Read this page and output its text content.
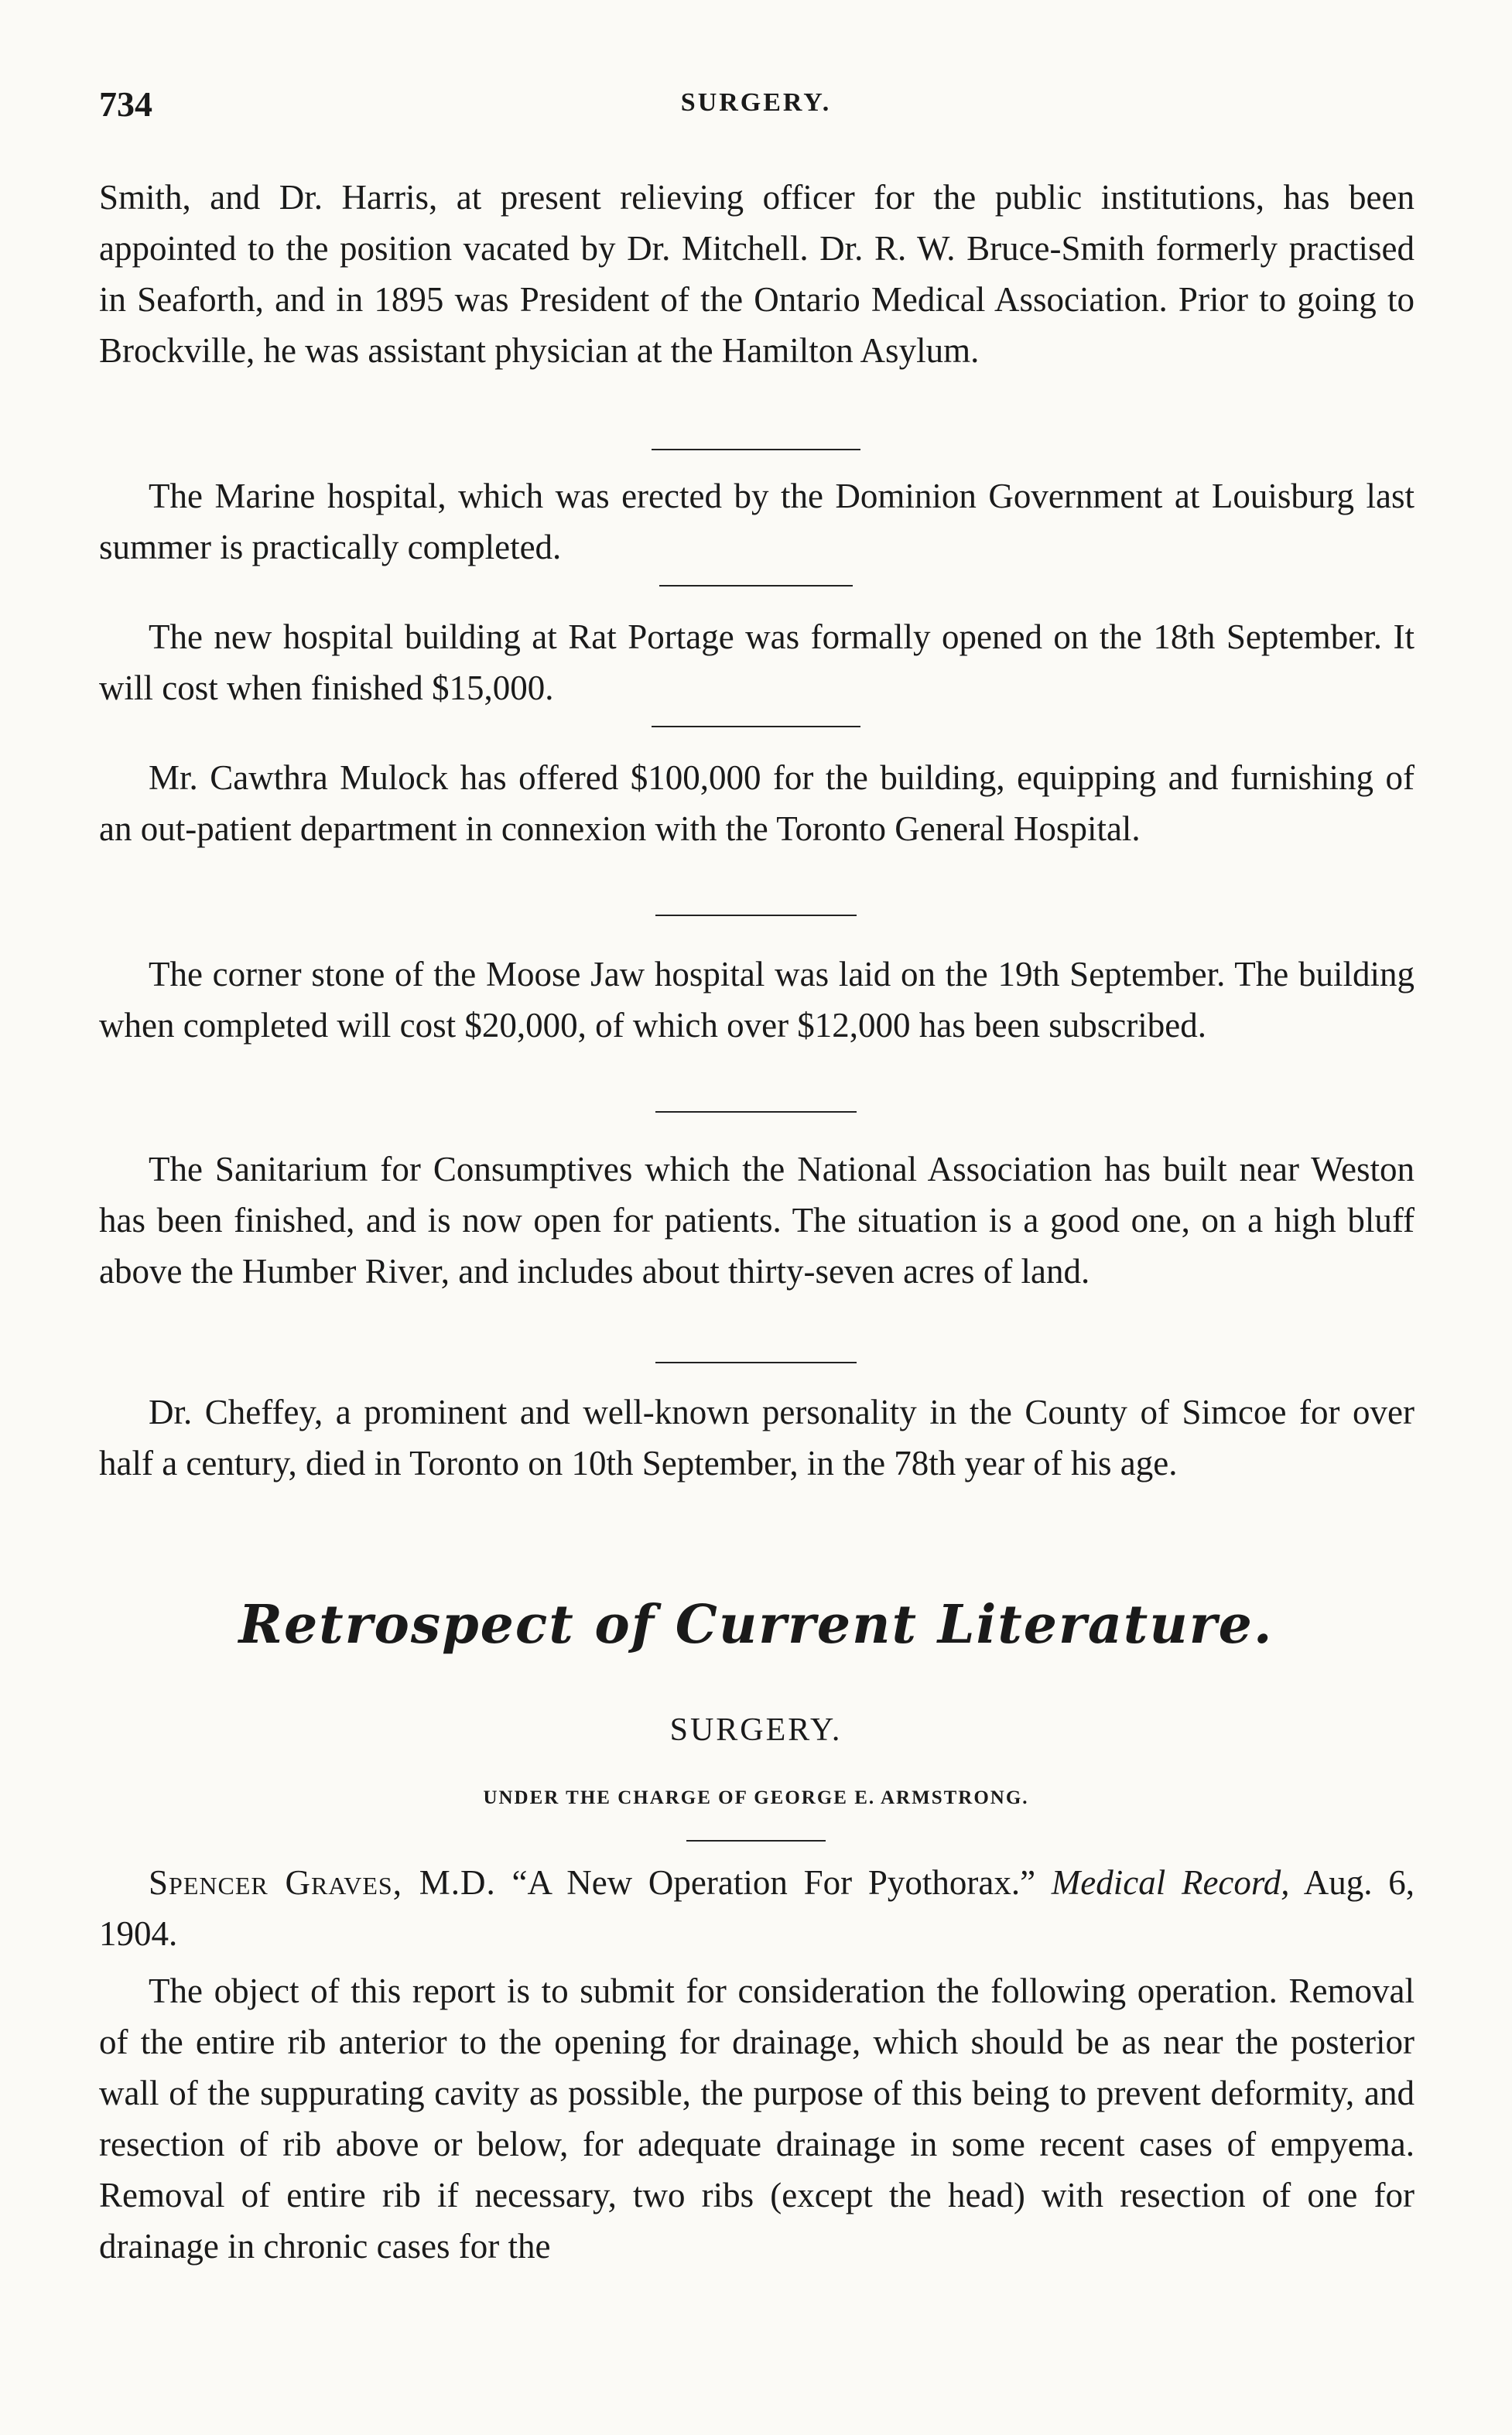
734	SURGERY.

Smith, and Dr. Harris, at present relieving officer for the public institutions, has been appointed to the position vacated by Dr. Mitchell. Dr. R. W. Bruce-Smith formerly practised in Seaforth, and in 1895 was President of the Ontario Medical Association. Prior to going to Brockville, he was assistant physician at the Hamilton Asylum.

The Marine hospital, which was erected by the Dominion Government at Louisburg last summer is practically completed.

The new hospital building at Rat Portage was formally opened on the 18th September. It will cost when finished $15,000.

Mr. Cawthra Mulock has offered $100,000 for the building, equipping and furnishing of an out-patient department in connexion with the Toronto General Hospital.

The corner stone of the Moose Jaw hospital was laid on the 19th September. The building when completed will cost $20,000, of which over $12,000 has been subscribed.

The Sanitarium for Consumptives which the National Association has built near Weston has been finished, and is now open for patients. The situation is a good one, on a high bluff above the Humber River, and includes about thirty-seven acres of land.

Dr. Cheffey, a prominent and well-known personality in the County of Simcoe for over half a century, died in Toronto on 10th September, in the 78th year of his age.

Retrospect of Current Literature.
SURGERY.
UNDER THE CHARGE OF GEORGE E. ARMSTRONG.

Spencer Graves, M.D. “A New Operation For Pyothorax.” Medical Record, Aug. 6, 1904.

The object of this report is to submit for consideration the following operation. Removal of the entire rib anterior to the opening for drainage, which should be as near the posterior wall of the suppurating cavity as possible, the purpose of this being to prevent deformity, and resection of rib above or below, for adequate drainage in some recent cases of empyema. Removal of entire rib if necessary, two ribs (except the head) with resection of one for drainage in chronic cases for the
